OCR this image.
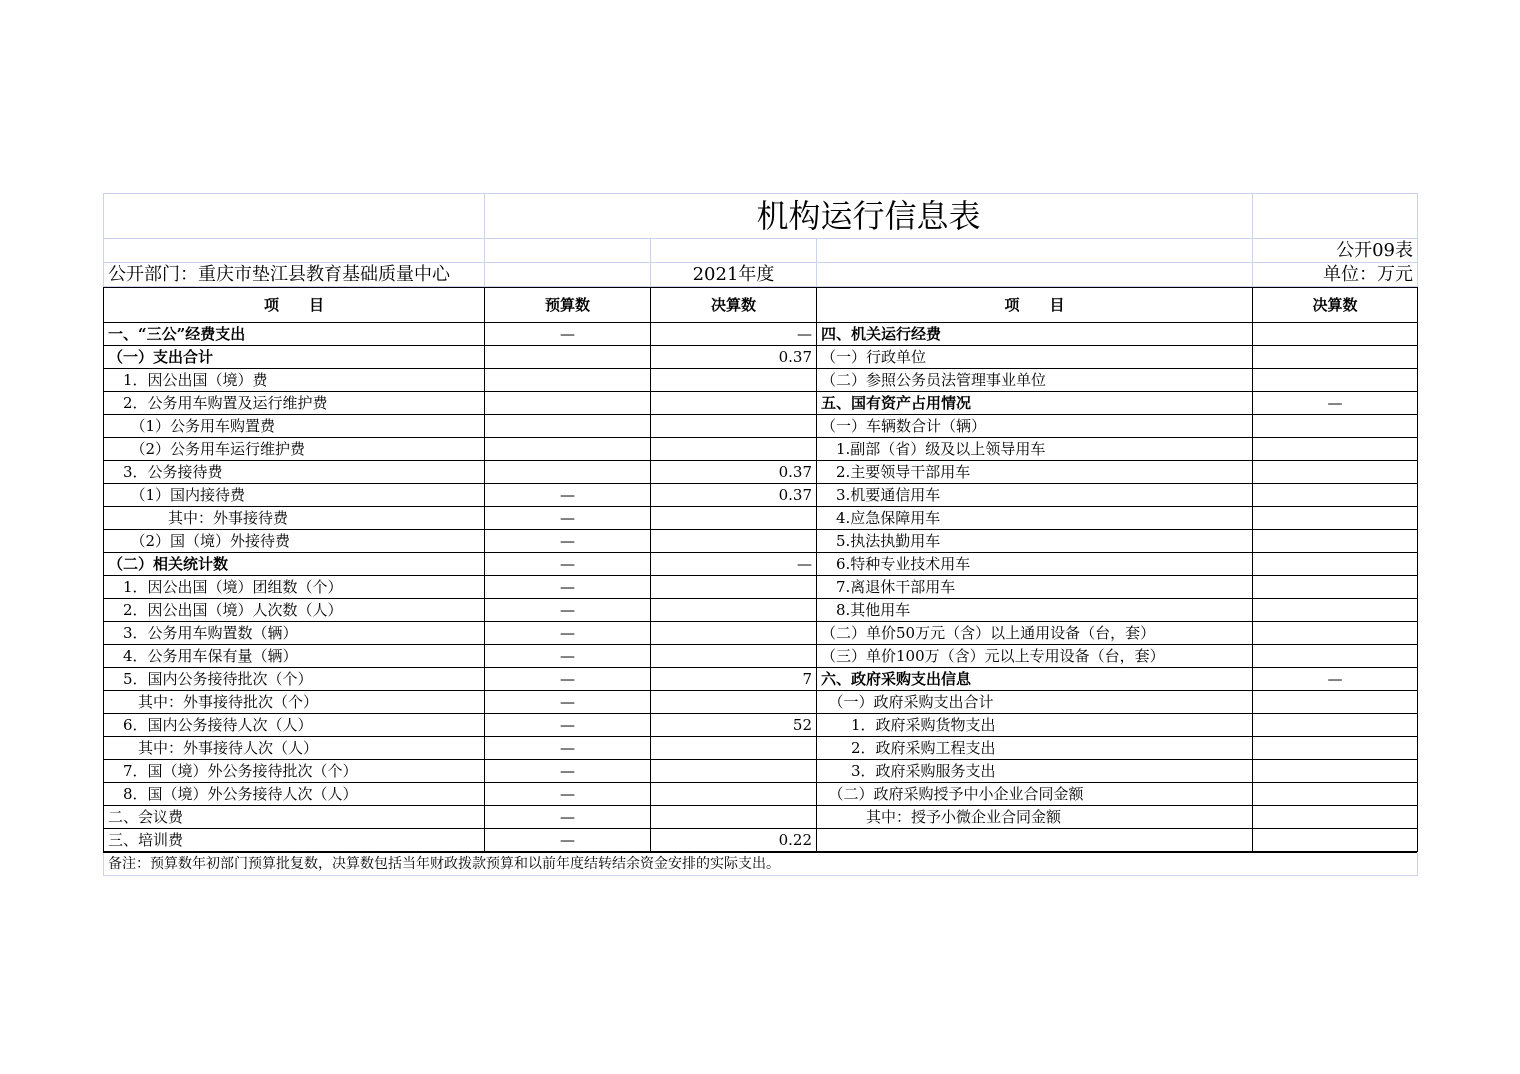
	机构运行信息表			
				公开09表
公开部门：重庆市垫江县教育基础质量中心		2021年度		单位：万元
项　　目	预算数	决算数	项　　目	决算数
一、“三公”经费支出	—	—	四、机关运行经费	
（一）支出合计		0.37	（一）行政单位	
　1．因公出国（境）费			（二）参照公务员法管理事业单位	
　2．公务用车购置及运行维护费			五、国有资产占用情况	—
　　（1）公务用车购置费			（一）车辆数合计（辆）	
　　（2）公务用车运行维护费			　1.副部（省）级及以上领导用车	
　3．公务接待费		0.37	　2.主要领导干部用车	
　　（1）国内接待费	—	0.37	　3.机要通信用车	
　　　　其中：外事接待费	—		　4.应急保障用车	
　　（2）国（境）外接待费	—		　5.执法执勤用车	
（二）相关统计数	—	—	　6.特种专业技术用车	
　1．因公出国（境）团组数（个）	—		　7.离退休干部用车	
　2．因公出国（境）人次数（人）	—		　8.其他用车	
　3．公务用车购置数（辆）	—		（二）单价50万元（含）以上通用设备（台，套）	
　4．公务用车保有量（辆）	—		（三）单价100万（含）元以上专用设备（台，套）	
　5．国内公务接待批次（个）	—	7	六、政府采购支出信息	—
　　其中：外事接待批次（个）	—		　（一）政府采购支出合计	
　6．国内公务接待人次（人）	—	52	　　1．政府采购货物支出	
　　其中：外事接待人次（人）	—		　　2．政府采购工程支出	
　7．国（境）外公务接待批次（个）	—		　　3．政府采购服务支出	
　8．国（境）外公务接待人次（人）	—		　（二）政府采购授予中小企业合同金额	
二、会议费	—		　　　其中：授予小微企业合同金额	
三、培训费	—	0.22		
备注：预算数年初部门预算批复数，决算数包括当年财政拨款预算和以前年度结转结余资金安排的实际支出。
